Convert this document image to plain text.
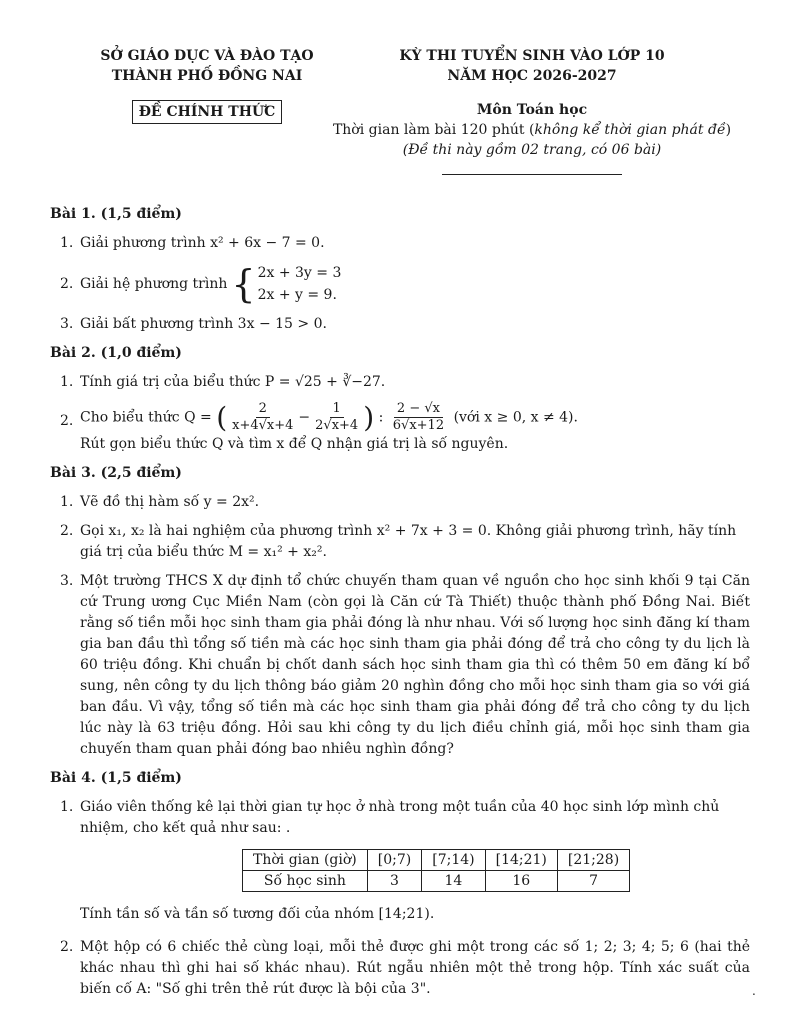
SỞ GIÁO DỤC VÀ ĐÀO TẠO
THÀNH PHỐ ĐỒNG NAI
ĐỀ CHÍNH THỨC
KỲ THI TUYỂN SINH VÀO LỚP 10
NĂM HỌC 2026-2027
Môn Toán học
Thời gian làm bài 120 phút (không kể thời gian phát đề)
(Đề thi này gồm 02 trang, có 06 bài)

Bài 1. (1,5 điểm)

1. Giải phương trình x² + 6x − 7 = 0.

2. Giải hệ phương trình { 2x + 3y = 3
2x + y = 9.

3. Giải bất phương trình 3x − 15 > 0.

Bài 2. (1,0 điểm)

1. Tính giá trị của biểu thức P = √25 + ∛−27.

2. Cho biểu thức Q = ( $\frac{2}{x+4√x+4} - \frac{1}{2√x+4}$ ) : $\frac{2 - √x}{6√x+12}$ (với x ≥ 0, x ≠ 4).

Rút gọn biểu thức Q và tìm x để Q nhận giá trị là số nguyên.

Bài 3. (2,5 điểm)

1. Vẽ đồ thị hàm số y = 2x².

2. Gọi x₁, x₂ là hai nghiệm của phương trình x² + 7x + 3 = 0. Không giải phương trình, hãy tính giá trị của biểu thức M = x₁² + x₂².

3. Một trường THCS X dự định tổ chức chuyến tham quan về nguồn cho học sinh khối 9 tại Căn cứ Trung ương Cục Miền Nam (còn gọi là Căn cứ Tà Thiết) thuộc thành phố Đồng Nai. Biết rằng số tiền mỗi học sinh tham gia phải đóng là như nhau. Với số lượng học sinh đăng kí tham gia ban đầu thì tổng số tiền mà các học sinh tham gia phải đóng để trả cho công ty du lịch là 60 triệu đồng. Khi chuẩn bị chốt danh sách học sinh tham gia thì có thêm 50 em đăng kí bổ sung, nên công ty du lịch thông báo giảm 20 nghìn đồng cho mỗi học sinh tham gia so với giá ban đầu. Vì vậy, tổng số tiền mà các học sinh tham gia phải đóng để trả cho công ty du lịch lúc này là 63 triệu đồng. Hỏi sau khi công ty du lịch điều chỉnh giá, mỗi học sinh tham gia chuyến tham quan phải đóng bao nhiêu nghìn đồng?

Bài 4. (1,5 điểm)

1. Giáo viên thống kê lại thời gian tự học ở nhà trong một tuần của 40 học sinh lớp mình chủ nhiệm, cho kết quả như sau: .

Thời gian (giờ)	[0;7)	[7;14)	[14;21)	[21;28)
Số học sinh	3	14	16	7

Tính tần số và tần số tương đối của nhóm [14;21).

2. Một hộp có 6 chiếc thẻ cùng loại, mỗi thẻ được ghi một trong các số 1; 2; 3; 4; 5; 6 (hai thẻ khác nhau thì ghi hai số khác nhau). Rút ngẫu nhiên một thẻ trong hộp. Tính xác suất của biến cố A: "Số ghi trên thẻ rút được là bội của 3".	.
